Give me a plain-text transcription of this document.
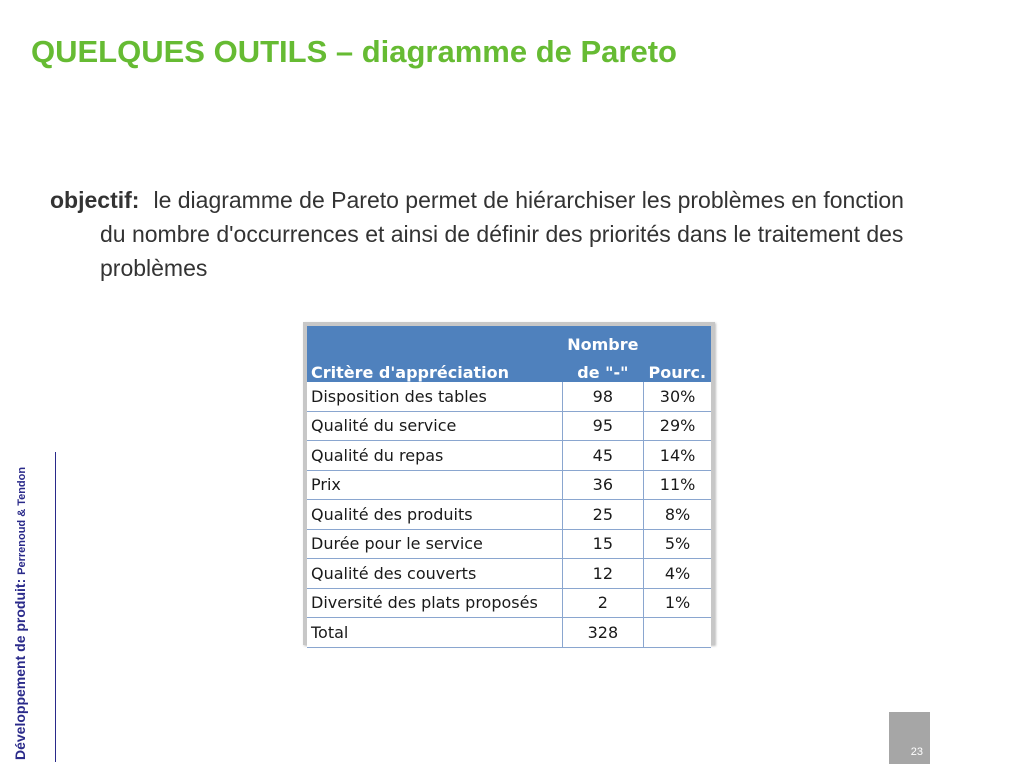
QUELQUES OUTILS – diagramme de Pareto
objectif: le diagramme de Pareto permet de hiérarchiser les problèmes en fonction du nombre d'occurrences et ainsi de définir des priorités dans le traitement des problèmes
	Nombre	
Critère d'appréciation	de "-"	Pourc.
Disposition des tables	98	30%
Qualité du service	95	29%
Qualité du repas	45	14%
Prix	36	11%
Qualité des produits	25	8%
Durée pour le service	15	5%
Qualité des couverts	12	4%
Diversité des plats proposés	2	1%
Total	328	
Développement de produit: Perrenoud & Tendon
23
